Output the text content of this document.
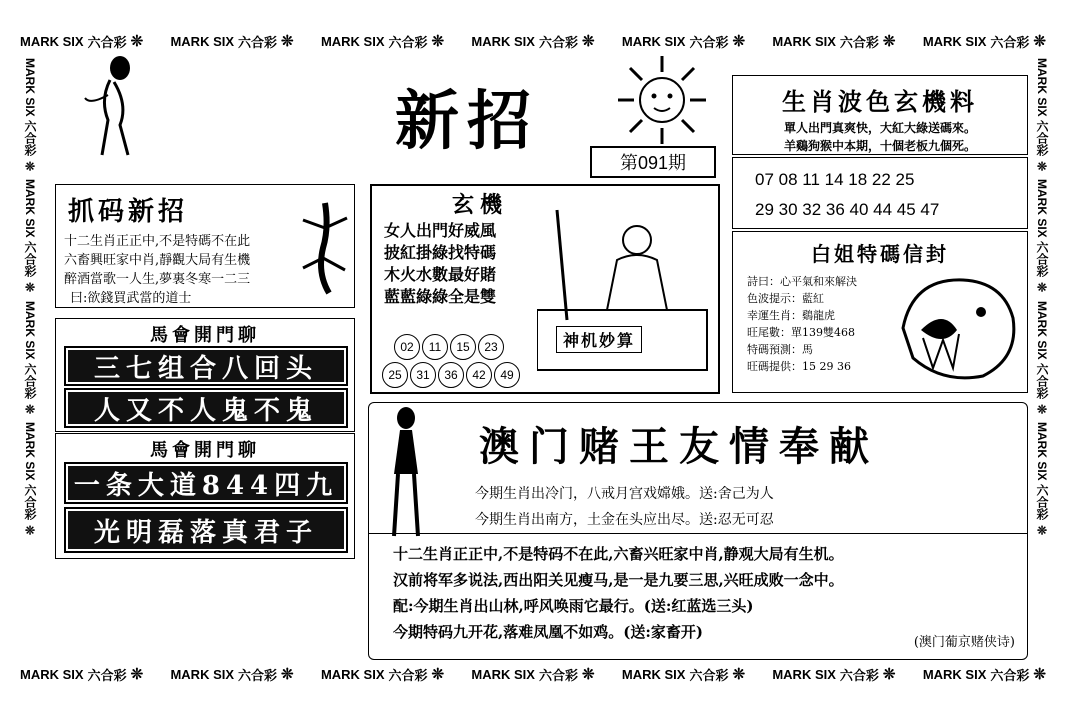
MARK SIX 六合彩 ❊ MARK SIX 六合彩 ❊ MARK SIX 六合彩 ❊ MARK SIX 六合彩 ❊ MARK SIX 六合彩 ❊ MARK SIX 六合彩 ❊ MARK SIX 六合彩 ❊
MARK SIX 六合彩 ❊ MARK SIX 六合彩 ❊ MARK SIX 六合彩 ❊ MARK SIX 六合彩 ❊ MARK SIX 六合彩 ❊ MARK SIX 六合彩 ❊ MARK SIX 六合彩 ❊
MARK SIX 六合彩 ❊
MARK SIX 六合彩 ❊
MARK SIX 六合彩 ❊
MARK SIX 六合彩 ❊
MARK SIX 六合彩 ❊
MARK SIX 六合彩 ❊
MARK SIX 六合彩 ❊
MARK SIX 六合彩 ❊
新招
第091期
生肖波色玄機料
單人出門真爽快，大紅大綠送碼來。
羊鷄狗猴中本期，十個老板九個死。
07 08 11 14 18 22 25
29 30 32 36 40 44 45 47
白姐特碼信封
詩曰：心平氣和來解決
色波提示：藍紅
幸運生肖：鷄龍虎
旺尾數：單139雙468
特碼預測：馬
旺碼提供：15 29 36
抓码新招
十二生肖正正中,不是特碼不在此
六畜興旺家中肖,靜觀大局有生機
醉酒當歌一人生,夢裏冬寒一二三
曰:欲錢買武當的道士
玄機
女人出門好威風
披紅掛綠找特碼
木火水數最好賭
藍藍綠綠全是雙
02 11 15 23
25 31 36 42 49
神机妙算
馬會開門聊
三七组合八回头
人又不人鬼不鬼
馬會開門聊
一条大道844四九
光明磊落真君子
澳门赌王友情奉献
今期生肖出冷门，八戒月宫戏嫦娥。送:舍己为人
今期生肖出南方，土金在头应出尽。送:忍无可忍
十二生肖正正中,不是特码不在此,六畜兴旺家中肖,静观大局有生机。
汉前将军多说法,西出阳关见瘦马,是一是九要三思,兴旺成败一念中。
配:今期生肖出山林,呼风唤雨它最行。(送:红蓝选三头)
今期特码九开花,落难凤凰不如鸡。(送:家畜开)
(澳门葡京赌侠诗)
